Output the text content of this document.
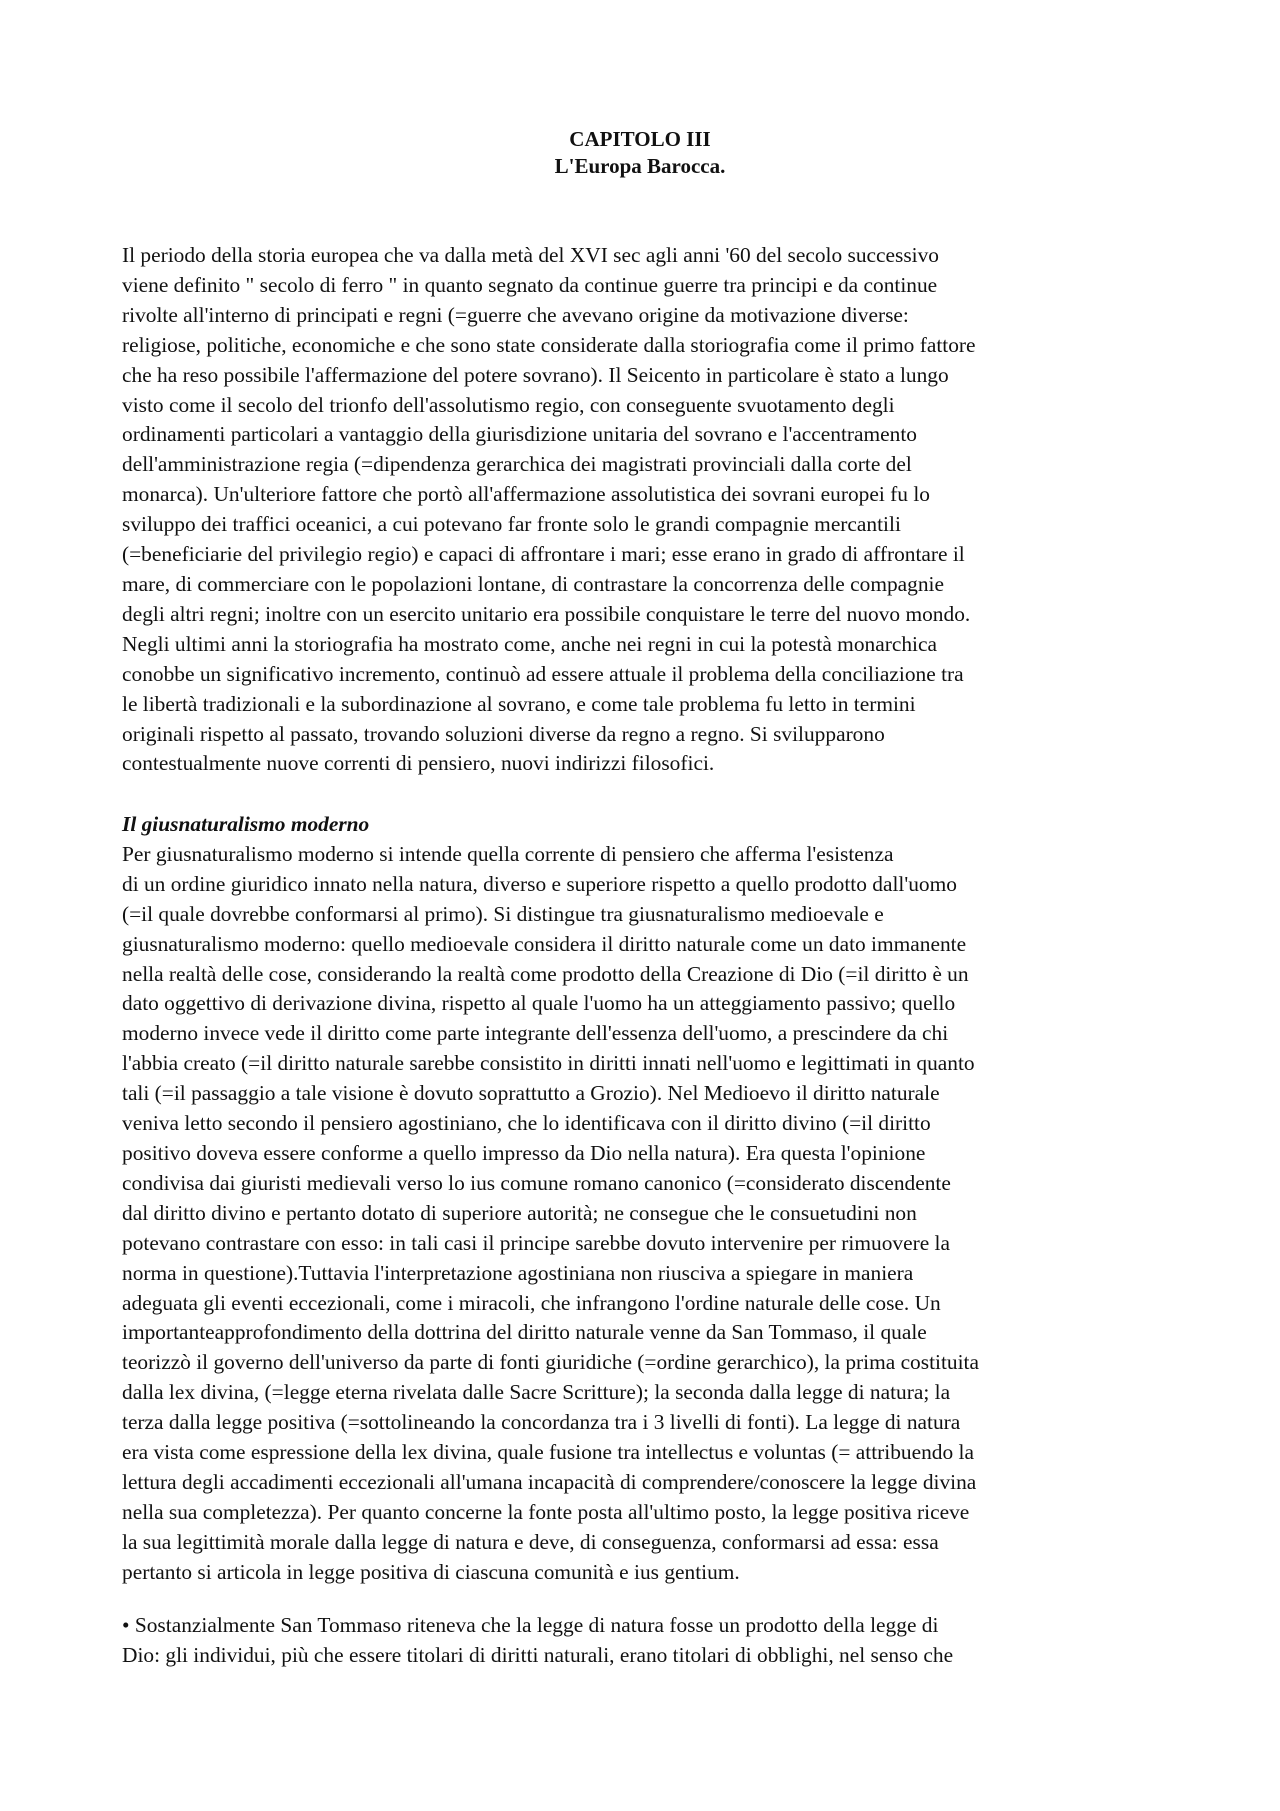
CAPITOLO III
L'Europa Barocca.
Il periodo della storia europea che va dalla metà del XVI sec agli anni '60 del secolo successivo
viene definito " secolo di ferro " in quanto segnato da continue guerre tra principi e da continue
rivolte all'interno di principati e regni (=guerre che avevano origine da motivazione diverse:
religiose, politiche, economiche e che sono state considerate dalla storiografia come il primo fattore
che ha reso possibile l'affermazione del potere sovrano). Il Seicento in particolare è stato a lungo
visto come il secolo del trionfo dell'assolutismo regio, con conseguente svuotamento degli
ordinamenti particolari a vantaggio della giurisdizione unitaria del sovrano e l'accentramento
dell'amministrazione regia (=dipendenza gerarchica dei magistrati provinciali dalla corte del
monarca). Un'ulteriore fattore che portò all'affermazione assolutistica dei sovrani europei fu lo
sviluppo dei traffici oceanici, a cui potevano far fronte solo le grandi compagnie mercantili
(=beneficiarie del privilegio regio) e capaci di affrontare i mari; esse erano in grado di affrontare il
mare, di commerciare con le popolazioni lontane, di contrastare la concorrenza delle compagnie
degli altri regni; inoltre con un esercito unitario era possibile conquistare le terre del nuovo mondo.
Negli ultimi anni la storiografia ha mostrato come, anche nei regni in cui la potestà monarchica
conobbe un significativo incremento, continuò ad essere attuale il problema della conciliazione tra
le libertà tradizionali e la subordinazione al sovrano, e come tale problema fu letto in termini
originali rispetto al passato, trovando soluzioni diverse da regno a regno. Si svilupparono
contestualmente nuove correnti di pensiero, nuovi indirizzi filosofici.
Il giusnaturalismo moderno
Per giusnaturalismo moderno si intende quella corrente di pensiero che afferma l'esistenza
di un ordine giuridico innato nella natura, diverso e superiore rispetto a quello prodotto dall'uomo
(=il quale dovrebbe conformarsi al primo). Si distingue tra giusnaturalismo medioevale e
giusnaturalismo moderno: quello medioevale considera il diritto naturale come un dato immanente
nella realtà delle cose, considerando la realtà come prodotto della Creazione di Dio (=il diritto è un
dato oggettivo di derivazione divina, rispetto al quale l'uomo ha un atteggiamento passivo; quello
moderno invece vede il diritto come parte integrante dell'essenza dell'uomo, a prescindere da chi
l'abbia creato (=il diritto naturale sarebbe consistito in diritti innati nell'uomo e legittimati in quanto
tali (=il passaggio a tale visione è dovuto soprattutto a Grozio). Nel Medioevo il diritto naturale
veniva letto secondo il pensiero agostiniano, che lo identificava con il diritto divino (=il diritto
positivo doveva essere conforme a quello impresso da Dio nella natura). Era questa l'opinione
condivisa dai giuristi medievali verso lo ius comune romano canonico (=considerato discendente
dal diritto divino e pertanto dotato di superiore autorità; ne consegue che le consuetudini non
potevano contrastare con esso: in tali casi il principe sarebbe dovuto intervenire per rimuovere la
norma in questione).Tuttavia l'interpretazione agostiniana non riusciva a spiegare in maniera
adeguata gli eventi eccezionali, come i miracoli, che infrangono l'ordine naturale delle cose. Un
importanteapprofondimento della dottrina del diritto naturale venne da San Tommaso, il quale
teorizzò il governo dell'universo da parte di fonti giuridiche (=ordine gerarchico), la prima costituita
dalla lex divina, (=legge eterna rivelata dalle Sacre Scritture); la seconda dalla legge di natura; la
terza dalla legge positiva (=sottolineando la concordanza tra i 3 livelli di fonti). La legge di natura
era vista come espressione della lex divina, quale fusione tra intellectus e voluntas (= attribuendo la
lettura degli accadimenti eccezionali all'umana incapacità di comprendere/conoscere la legge divina
nella sua completezza). Per quanto concerne la fonte posta all'ultimo posto, la legge positiva riceve
la sua legittimità morale dalla legge di natura e deve, di conseguenza, conformarsi ad essa: essa
pertanto si articola in legge positiva di ciascuna comunità e ius gentium.
• Sostanzialmente San Tommaso riteneva che la legge di natura fosse un prodotto della legge di
Dio: gli individui, più che essere titolari di diritti naturali, erano titolari di obblighi, nel senso che
